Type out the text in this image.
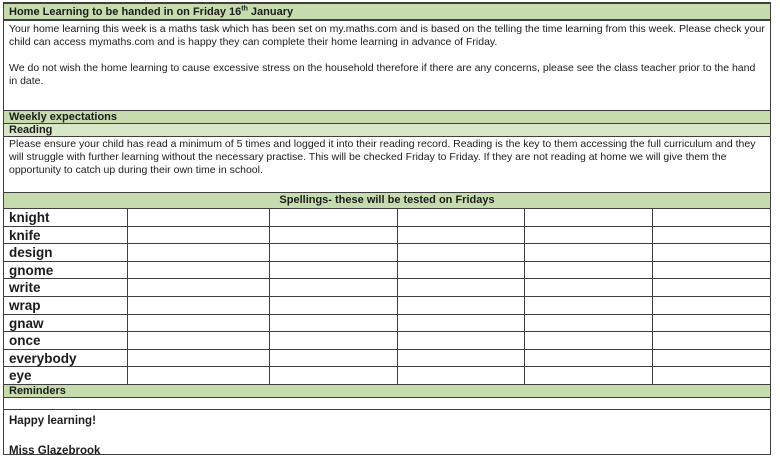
Home Learning to be handed in on Friday 16th January

Your home learning this week is a maths task which has been set on my.maths.com and is based on the telling the time learning from this week. Please check your child can access mymaths.com and is happy they can complete their home learning in advance of Friday.

We do not wish the home learning to cause excessive stress on the household therefore if there are any concerns, please see the class teacher prior to the hand in date.

Weekly expectations
Reading

Please ensure your child has read a minimum of 5 times and logged it into their reading record. Reading is the key to them accessing the full curriculum and they will struggle with further learning without the necessary practise. This will be checked Friday to Friday. If they are not reading at home we will give them the opportunity to catch up during their own time in school.

Spellings- these will be tested on Fridays
knight
knife
design
gnome
write
wrap
gnaw
once
everybody
eye
Reminders

Happy learning!

Miss Glazebrook
